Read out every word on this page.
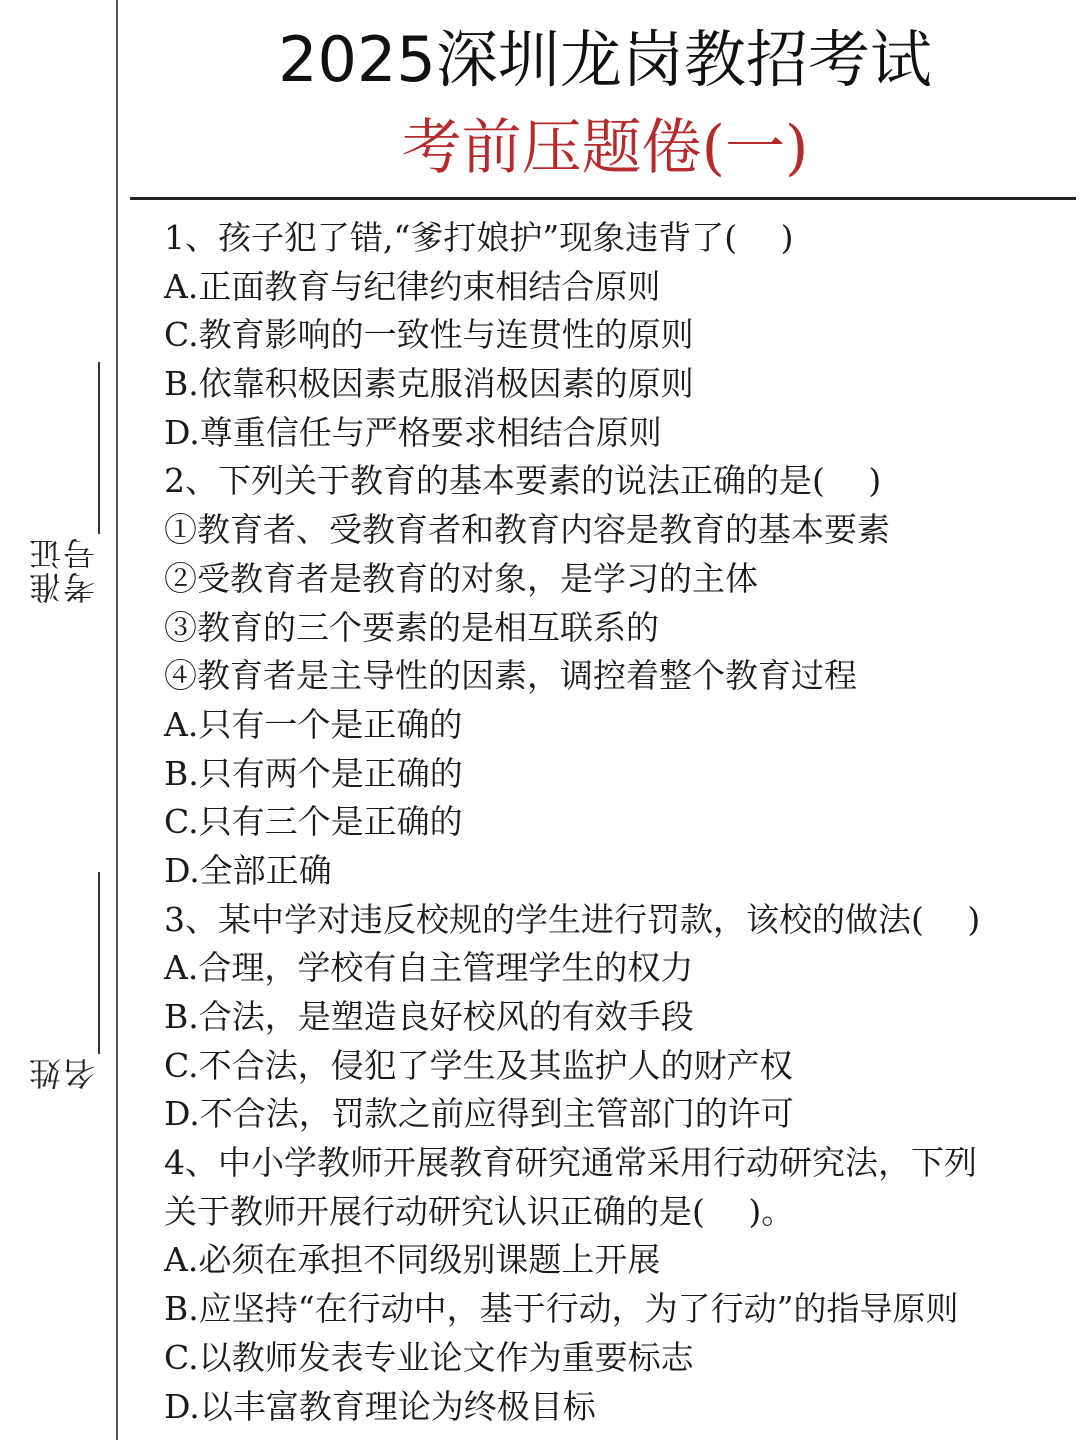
准证
考号
姓
名
2025深圳龙岗教招考试
考前压题倦(一)
1、孩子犯了错,“爹打娘护”现象违背了(　 )
A.正面教育与纪律约束相结合原则
C.教育影响的一致性与连贯性的原则
B.依靠积极因素克服消极因素的原则
D.尊重信任与严格要求相结合原则
2、下列关于教育的基本要素的说法正确的是(　 )
①教育者、受教育者和教育内容是教育的基本要素
②受教育者是教育的对象，是学习的主体
③教育的三个要素的是相互联系的
④教育者是主导性的因素，调控着整个教育过程
A.只有一个是正确的
B.只有两个是正确的
C.只有三个是正确的
D.全部正确
3、某中学对违反校规的学生进行罚款，该校的做法(　 )
A.合理，学校有自主管理学生的权力
B.合法，是塑造良好校风的有效手段
C.不合法，侵犯了学生及其监护人的财产权
D.不合法，罚款之前应得到主管部门的许可
4、中小学教师开展教育研究通常采用行动研究法，下列
关于教师开展行动研究认识正确的是(　 )。
A.必须在承担不同级别课题上开展
B.应坚持“在行动中，基于行动，为了行动”的指导原则
C.以教师发表专业论文作为重要标志
D.以丰富教育理论为终极目标
